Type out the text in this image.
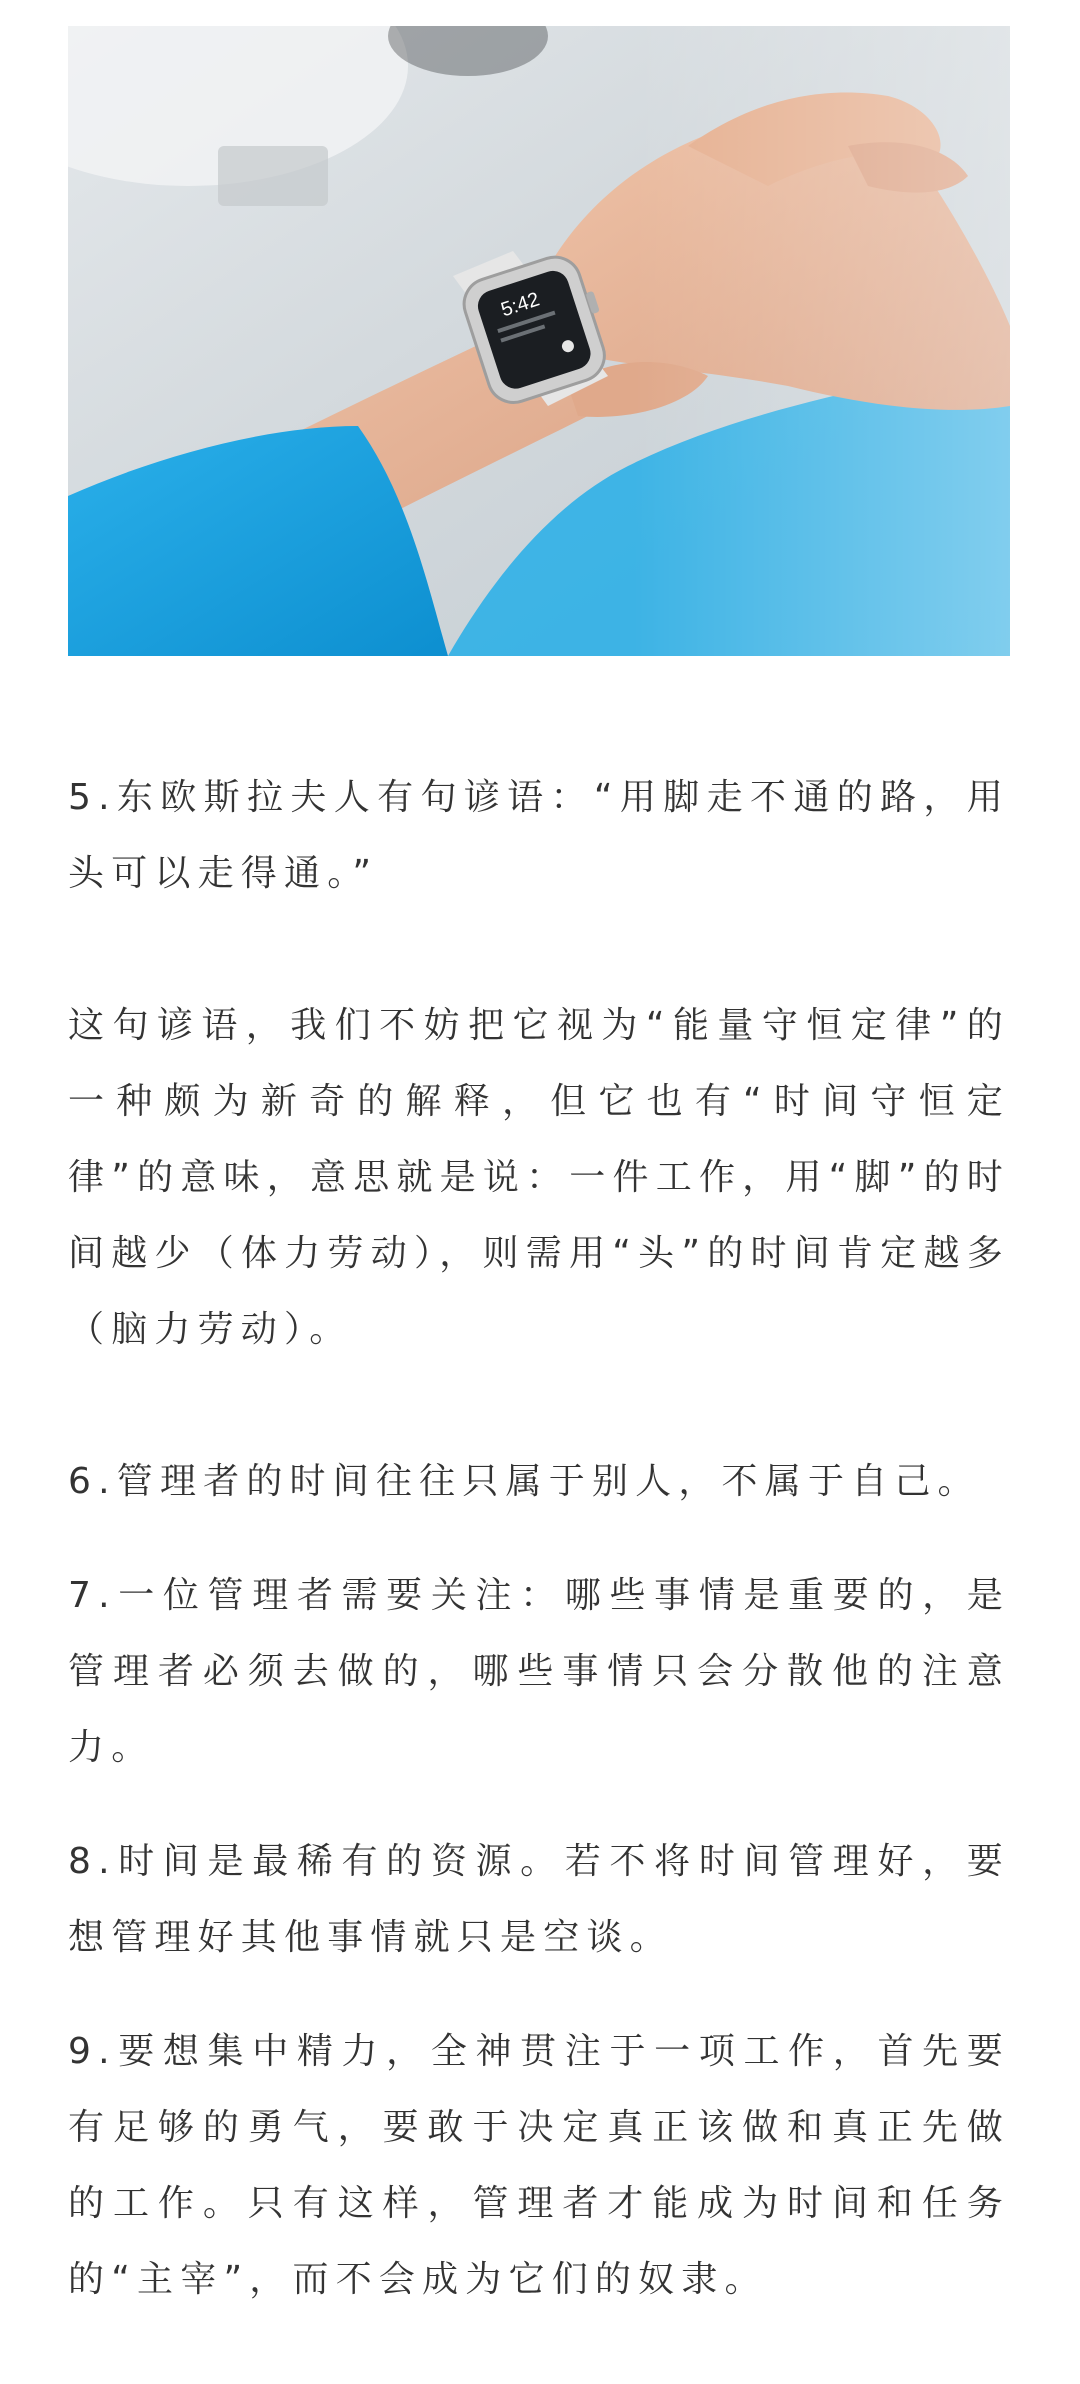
5.东欧斯拉夫人有句谚语：“用脚走不通的路，用头可以走得通。”

这句谚语，我们不妨把它视为“能量守恒定律”的一种颇为新奇的解释，但它也有“时间守恒定律”的意味，意思就是说：一件工作，用“脚”的时间越少（体力劳动），则需用“头”的时间肯定越多（脑力劳动）。

6.管理者的时间往往只属于别人，不属于自己。

7.一位管理者需要关注：哪些事情是重要的，是管理者必须去做的，哪些事情只会分散他的注意力。

8.时间是最稀有的资源。若不将时间管理好，要想管理好其他事情就只是空谈。

9.要想集中精力，全神贯注于一项工作，首先要有足够的勇气，要敢于决定真正该做和真正先做的工作。只有这样，管理者才能成为时间和任务的“主宰”，而不会成为它们的奴隶。
